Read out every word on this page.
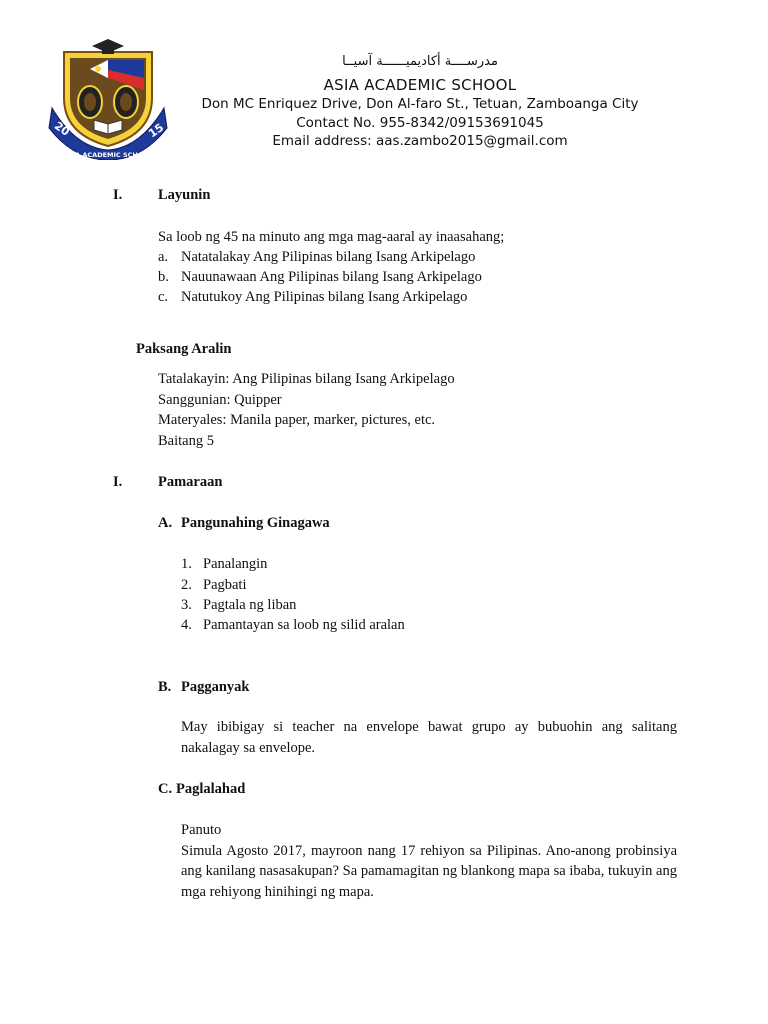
20	15
ASIA ACADEMIC SCHOOL
مدرســــة أكاديميــــــة آسيــا
ASIA ACADEMIC SCHOOL
Don MC Enriquez Drive, Don Al-faro St., Tetuan, Zamboanga City
Contact No. 955-8342/09153691045
Email address: aas.zambo2015@gmail.com
I. Layunin
Sa loob ng 45 na minuto ang mga mag-aaral ay inaasahang;
a. Natatalakay Ang Pilipinas bilang Isang Arkipelago
b. Nauunawaan Ang Pilipinas bilang Isang Arkipelago
c. Natutukoy Ang Pilipinas bilang Isang Arkipelago
Paksang Aralin
Tatalakayin: Ang Pilipinas bilang Isang Arkipelago
Sanggunian: Quipper
Materyales: Manila paper, marker, pictures, etc.
Baitang 5
I. Pamaraan
A. Pangunahing Ginagawa
1. Panalangin
2. Pagbati
3. Pagtala ng liban
4. Pamantayan sa loob ng silid aralan
B. Pagganyak
May ibibigay si teacher na envelope bawat grupo ay bubuohin ang salitang nakalagay sa envelope.
C. Paglalahad
Panuto
Simula Agosto 2017, mayroon nang 17 rehiyon sa Pilipinas. Ano-anong probinsiya ang kanilang nasasakupan? Sa pamamagitan ng blankong mapa sa ibaba, tukuyin ang mga rehiyong hinihingi ng mapa.
